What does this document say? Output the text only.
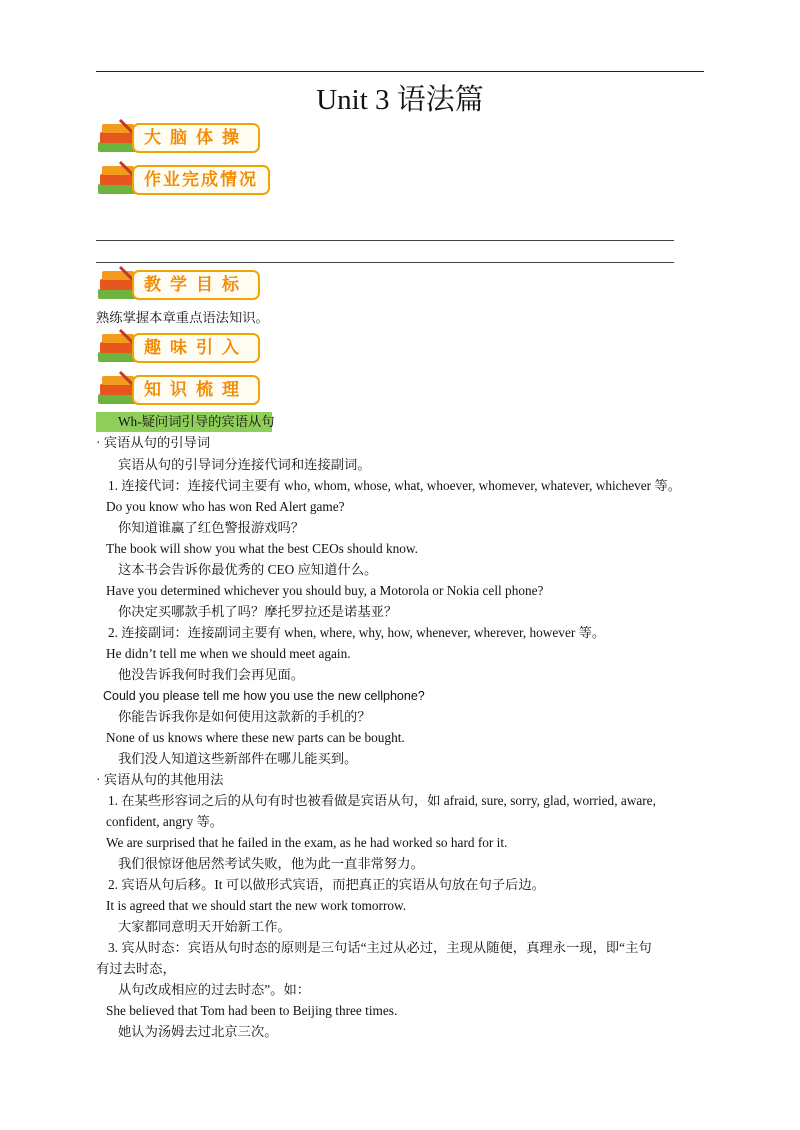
Unit 3 语法篇
大脑体操
作业完成情况
教学目标
熟练掌握本章重点语法知识。
趣味引入
知识梳理
Wh-疑问词引导的宾语从句
· 宾语从句的引导词
宾语从句的引导词分连接代词和连接副词。
1. 连接代词：连接代词主要有 who, whom, whose, what, whoever, whomever, whatever, whichever 等。
Do you know who has won Red Alert game?
你知道谁赢了红色警报游戏吗？
The book will show you what the best CEOs should know.
这本书会告诉你最优秀的 CEO 应知道什么。
Have you determined whichever you should buy, a Motorola or Nokia cell phone?
你决定买哪款手机了吗？摩托罗拉还是诺基亚？
2. 连接副词：连接副词主要有 when, where, why, how, whenever, wherever, however 等。
He didn’t tell me when we should meet again.
他没告诉我何时我们会再见面。
Could you please tell me how you use the new cellphone?
你能告诉我你是如何使用这款新的手机的？
None of us knows where these new parts can be bought.
我们没人知道这些新部件在哪儿能买到。
· 宾语从句的其他用法
1. 在某些形容词之后的从句有时也被看做是宾语从句，如 afraid, sure, sorry, glad, worried, aware,
confident, angry 等。
We are surprised that he failed in the exam, as he had worked so hard for it.
我们很惊讶他居然考试失败，他为此一直非常努力。
2. 宾语从句后移。It 可以做形式宾语，而把真正的宾语从句放在句子后边。
It is agreed that we should start the new work tomorrow.
大家都同意明天开始新工作。
3. 宾从时态：宾语从句时态的原则是三句话“主过从必过，主现从随便，真理永一现，即“主句
有过去时态，
从句改成相应的过去时态”。如：
She believed that Tom had been to Beijing three times.
她认为汤姆去过北京三次。
